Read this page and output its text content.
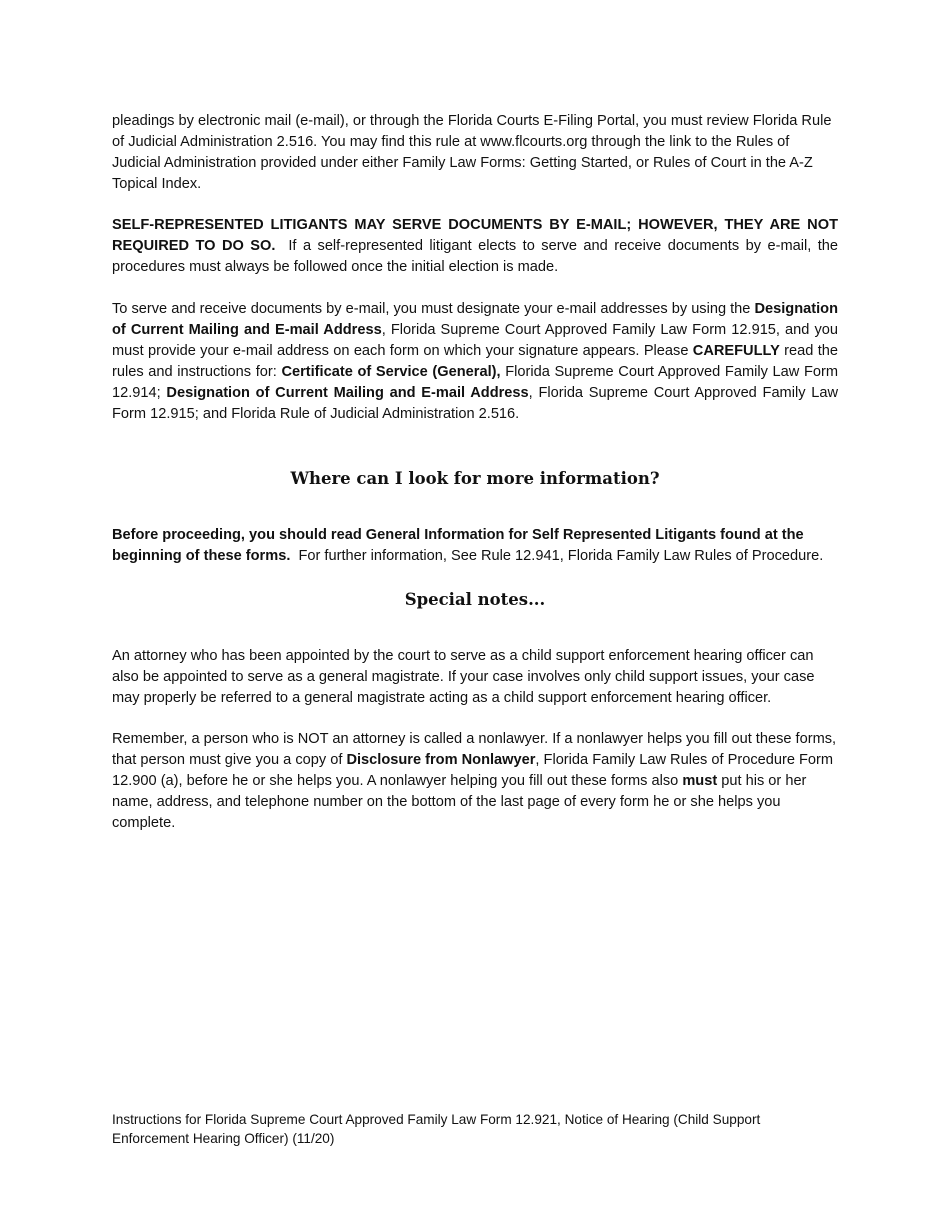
pleadings by electronic mail (e-mail), or through the Florida Courts E-Filing Portal, you must review Florida Rule of Judicial Administration 2.516. You may find this rule at www.flcourts.org through the link to the Rules of Judicial Administration provided under either Family Law Forms: Getting Started, or Rules of Court in the A-Z Topical Index.

SELF-REPRESENTED LITIGANTS MAY SERVE DOCUMENTS BY E-MAIL; HOWEVER, THEY ARE NOT REQUIRED TO DO SO. If a self-represented litigant elects to serve and receive documents by e-mail, the procedures must always be followed once the initial election is made.

To serve and receive documents by e-mail, you must designate your e-mail addresses by using the Designation of Current Mailing and E-mail Address, Florida Supreme Court Approved Family Law Form 12.915, and you must provide your e-mail address on each form on which your signature appears. Please CAREFULLY read the rules and instructions for: Certificate of Service (General), Florida Supreme Court Approved Family Law Form 12.914; Designation of Current Mailing and E-mail Address, Florida Supreme Court Approved Family Law Form 12.915; and Florida Rule of Judicial Administration 2.516.

Where can I look for more information?

Before proceeding, you should read General Information for Self Represented Litigants found at the beginning of these forms. For further information, See Rule 12.941, Florida Family Law Rules of Procedure.

Special notes...

An attorney who has been appointed by the court to serve as a child support enforcement hearing officer can also be appointed to serve as a general magistrate. If your case involves only child support issues, your case may properly be referred to a general magistrate acting as a child support enforcement hearing officer.

Remember, a person who is NOT an attorney is called a nonlawyer. If a nonlawyer helps you fill out these forms, that person must give you a copy of Disclosure from Nonlawyer, Florida Family Law Rules of Procedure Form 12.900 (a), before he or she helps you. A nonlawyer helping you fill out these forms also must put his or her name, address, and telephone number on the bottom of the last page of every form he or she helps you complete.

Instructions for Florida Supreme Court Approved Family Law Form 12.921, Notice of Hearing (Child Support
Enforcement Hearing Officer) (11/20)
